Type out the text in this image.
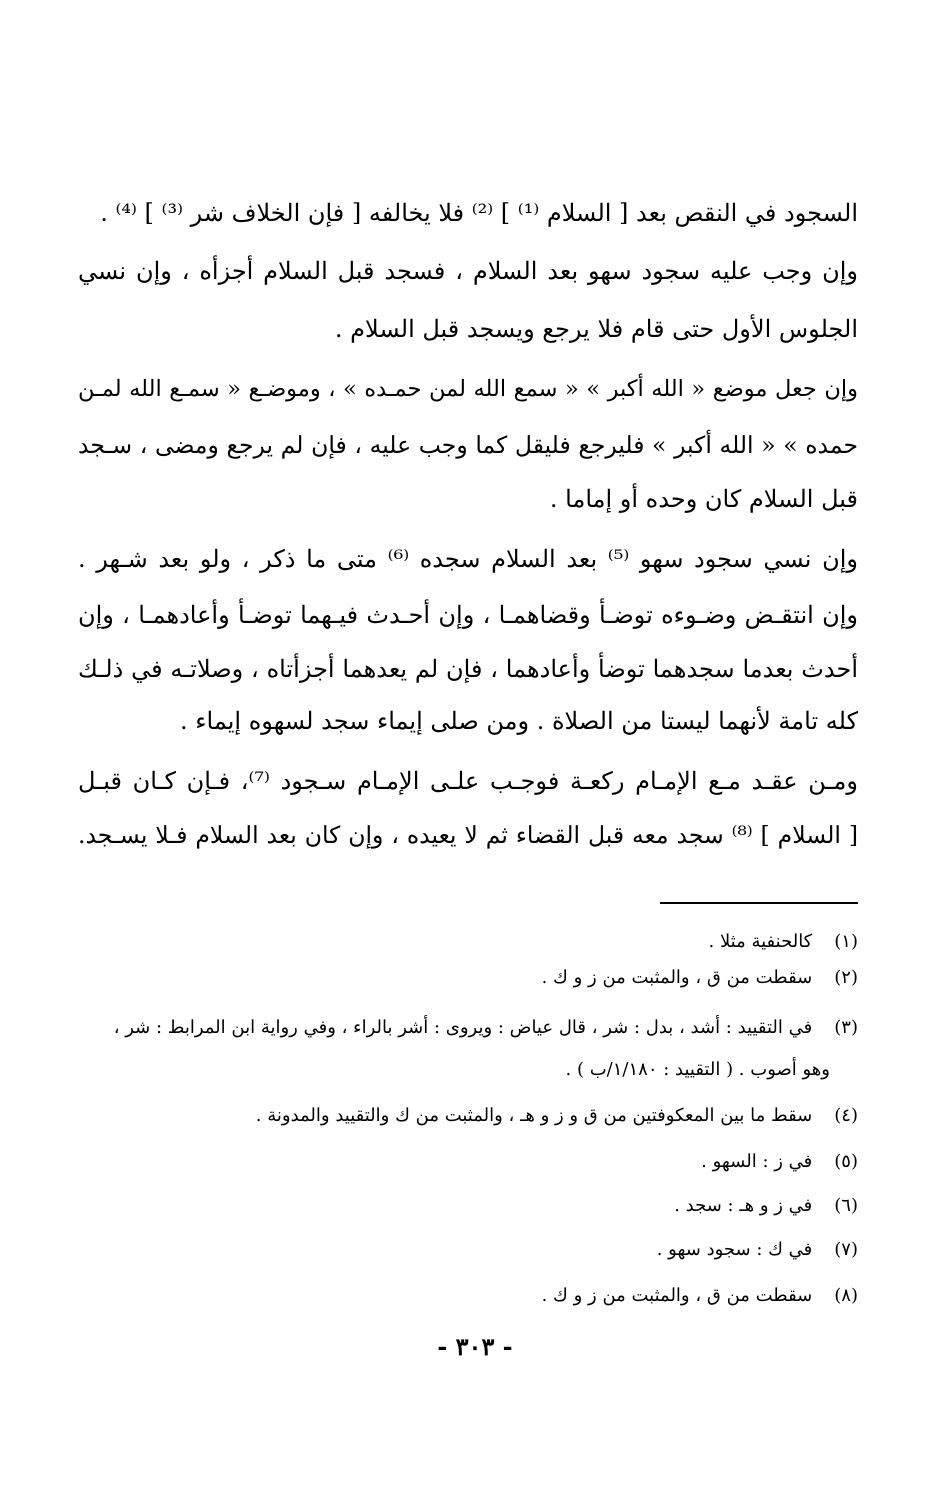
السجود في النقص بعد [ السلام ⁽¹⁾ ] ⁽²⁾ فلا يخالفه [ فإن الخلاف شر ⁽³⁾ ] ⁽⁴⁾ .
وإن وجب عليه سجود سهو بعد السلام ، فسجد قبل السلام أجزأه ، وإن نسي
الجلوس الأول حتى قام فلا يرجع ويسجد قبل السلام .
وإن جعل موضع « الله أكبر » « سمع الله لمن حمـده » ، وموضـع « سمـع الله لمـن
حمده » « الله أكبر » فليرجع فليقل كما وجب عليه ، فإن لم يرجع ومضى ، سـجد
قبل السلام كان وحده أو إماما .
وإن نسي سجود سهو ⁽⁵⁾ بعد السلام سجده ⁽⁶⁾ متى ما ذكر ، ولو بعد شـهر .
وإن انتقـض وضـوءه توضـأ وقضاهمـا ، وإن أحـدث فيـهما توضـأ وأعادهمـا ، وإن
أحدث بعدما سجدهما توضأ وأعادهما ، فإن لم يعدهما أجزأتاه ، وصلاتـه في ذلـك
كله تامة لأنهما ليستا من الصلاة . ومن صلى إيماء سجد لسهوه إيماء .
ومـن عقـد مـع الإمـام ركعـة فوجـب علـى الإمـام سـجود ⁽⁷⁾، فـإن كـان قبـل
[ السلام ] ⁽⁸⁾ سجد معه قبل القضاء ثم لا يعيده ، وإن كان بعد السلام فـلا يسـجد.
(١) كالحنفية مثلا .
(٢) سقطت من ق ، والمثبت من ز و ك .
(٣) في التقييد : أشد ، بدل : شر ، قال عياض : ويروى : أشر بالراء ، وفي رواية ابن المرابط : شر ،
وهو أصوب . ( التقييد : ١/١٨٠/ب ) .
(٤) سقط ما بين المعكوفتين من ق و ز و هـ ، والمثبت من ك والتقييد والمدونة .
(٥) في ز : السهو .
(٦) في ز و هـ : سجد .
(٧) في ك : سجود سهو .
(٨) سقطت من ق ، والمثبت من ز و ك .
- ٣٠٣ -
